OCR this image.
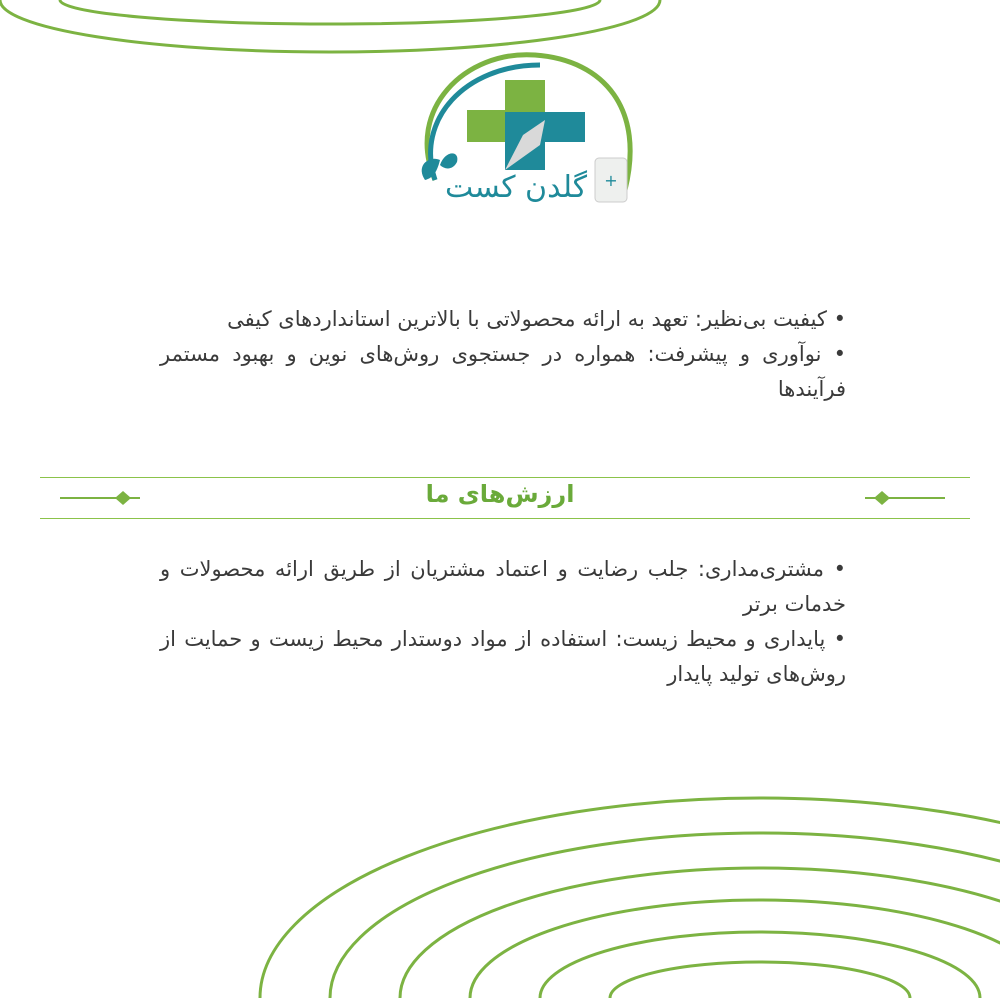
+
گلدن کست

• کیفیت بی‌نظیر: تعهد به ارائه محصولاتی با بالاترین استانداردهای کیفی

• نوآوری و پیشرفت: همواره در جستجوی روش‌های نوین و بهبود مستمر فرآیندها

ارزش‌های ما

• مشتری‌مداری: جلب رضایت و اعتماد مشتریان از طریق ارائه محصولات و خدمات برتر

• پایداری و محیط زیست: استفاده از مواد دوستدار محیط زیست و حمایت از روش‌های تولید پایدار
